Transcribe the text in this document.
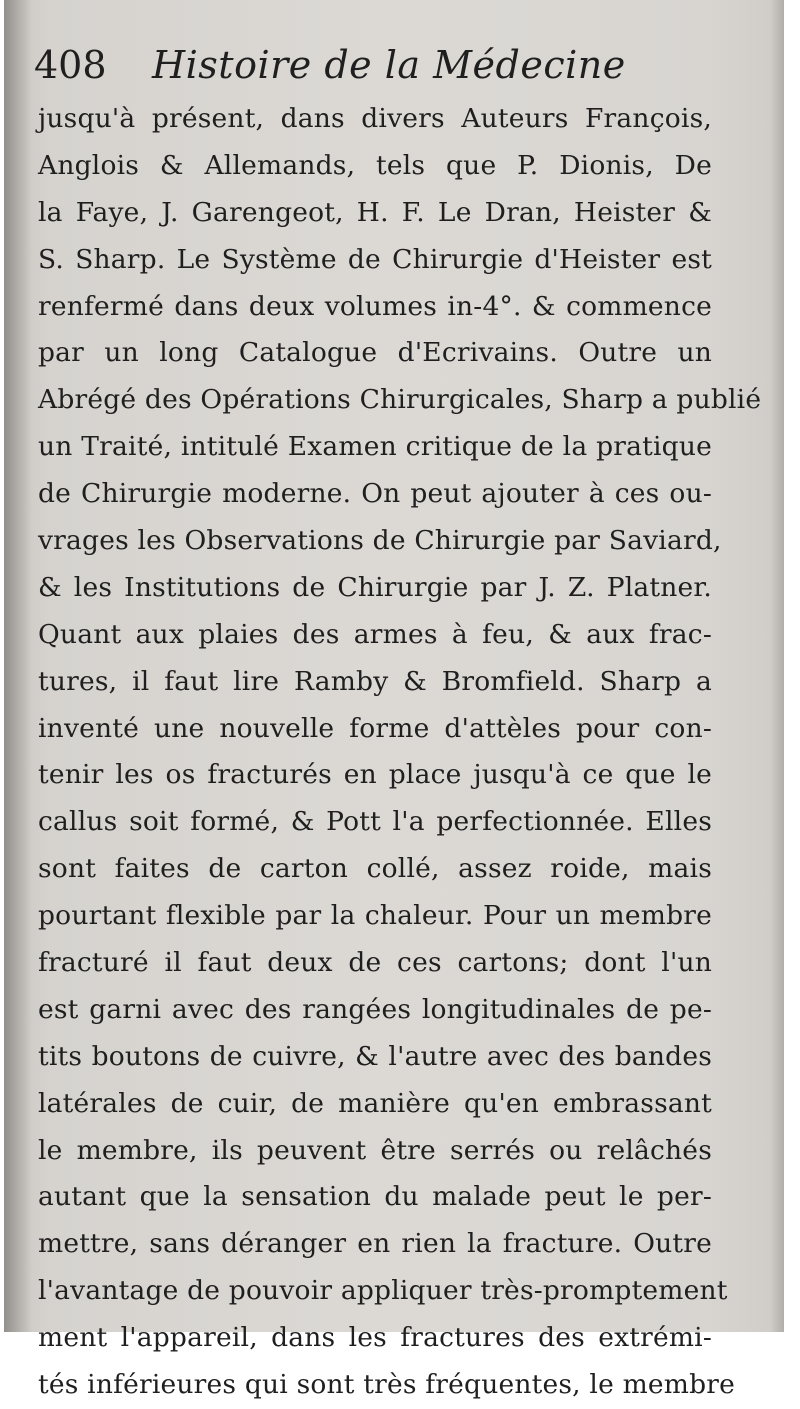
408 Histoire de la Médecine
jusqu'à présent, dans divers Auteurs François,
Anglois & Allemands, tels que P. Dionis, De
la Faye, J. Garengeot, H. F. Le Dran, Heister &
S. Sharp. Le Système de Chirurgie d'Heister est
renfermé dans deux volumes in-4°. & commence
par un long Catalogue d'Ecrivains. Outre un
Abrégé des Opérations Chirurgicales, Sharp a publié
un Traité, intitulé Examen critique de la pratique
de Chirurgie moderne. On peut ajouter à ces ou-
vrages les Observations de Chirurgie par Saviard,
& les Institutions de Chirurgie par J. Z. Platner.
Quant aux plaies des armes à feu, & aux frac-
tures, il faut lire Ramby & Bromfield. Sharp a
inventé une nouvelle forme d'attèles pour con-
tenir les os fracturés en place jusqu'à ce que le
callus soit formé, & Pott l'a perfectionnée. Elles
sont faites de carton collé, assez roide, mais
pourtant flexible par la chaleur. Pour un membre
fracturé il faut deux de ces cartons; dont l'un
est garni avec des rangées longitudinales de pe-
tits boutons de cuivre, & l'autre avec des bandes
latérales de cuir, de manière qu'en embrassant
le membre, ils peuvent être serrés ou relâchés
autant que la sensation du malade peut le per-
mettre, sans déranger en rien la fracture. Outre
l'avantage de pouvoir appliquer très-promptement
ment l'appareil, dans les fractures des extrémi-
tés inférieures qui sont très fréquentes, le membre
